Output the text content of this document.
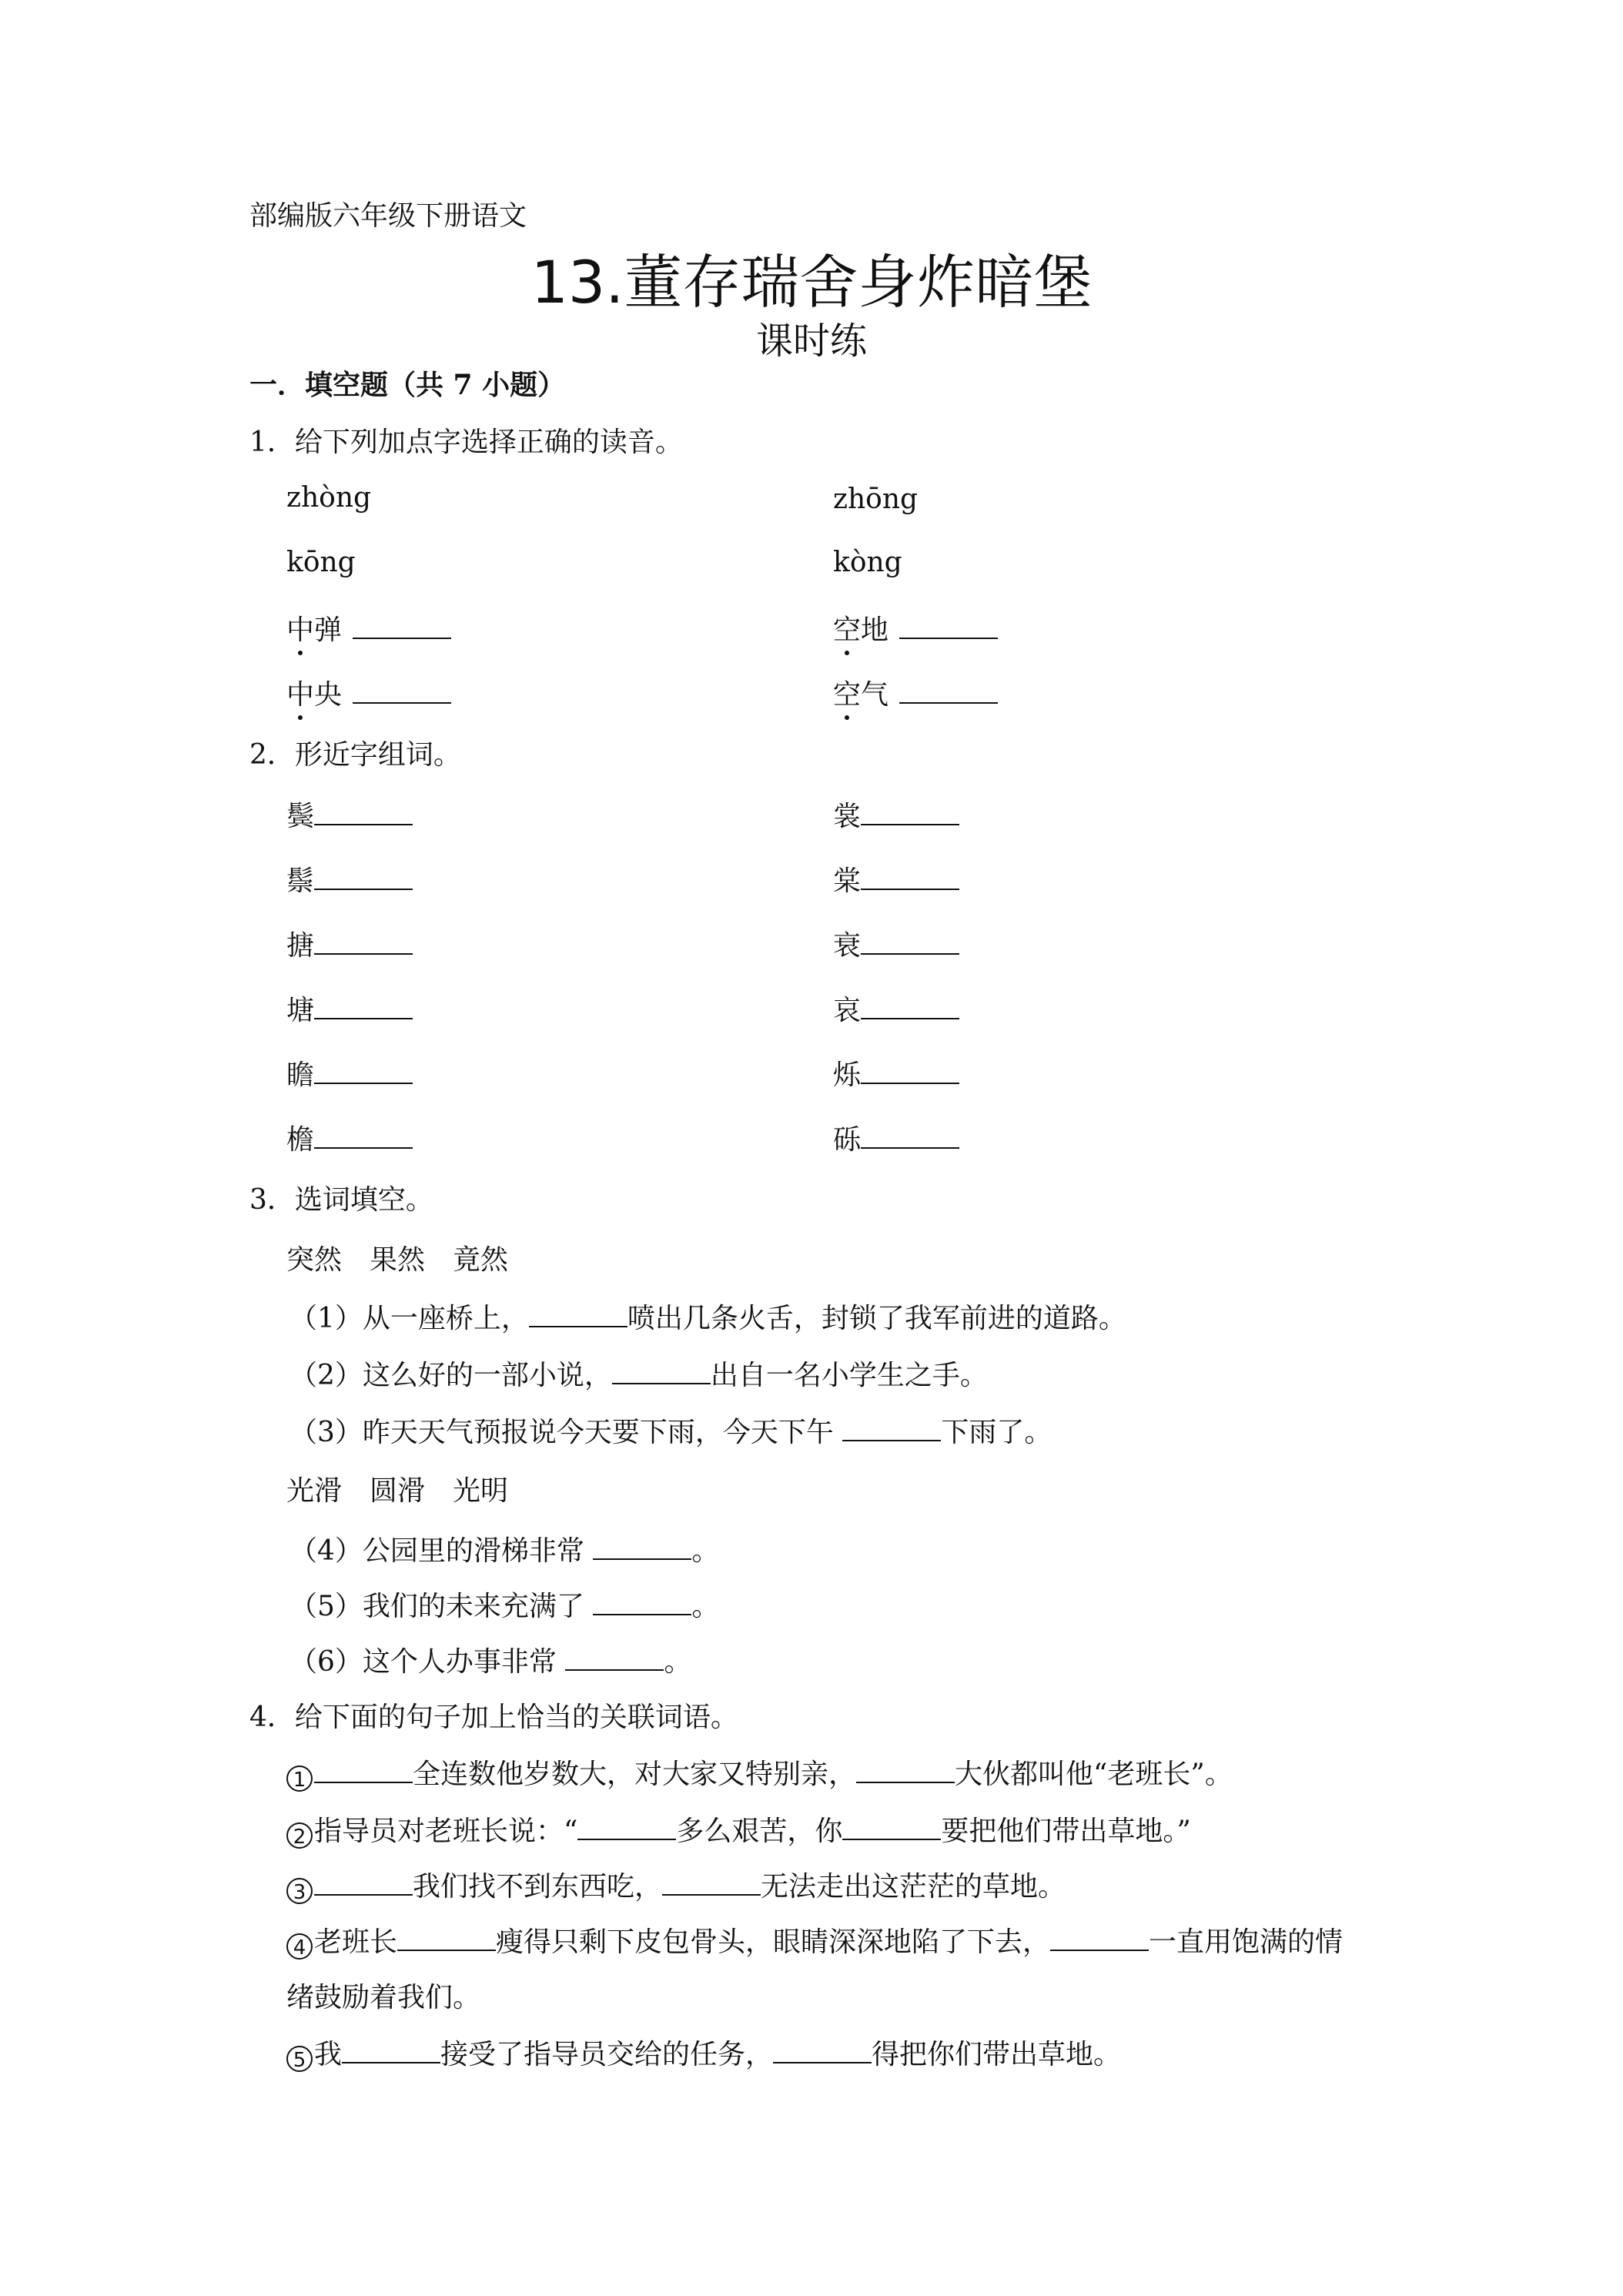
部编版六年级下册语文
13.董存瑞舍身炸暗堡
课时练
一．填空题（共 7 小题）
1．给下列加点字选择正确的读音。
zhòng	zhōng
kōng	kòng
中弹	空地
中央	空气
2．形近字组词。
鬓	裳
鬃	棠
搪	衰
塘	哀
瞻	烁
檐	砾
3．选词填空。
突然　果然　竟然
（1）从一座桥上，	喷出几条火舌，封锁了我军前进的道路。
（2）这么好的一部小说，	出自一名小学生之手。
（3）昨天天气预报说今天要下雨，今天下午	下雨了。
光滑　圆滑　光明
（4）公园里的滑梯非常	。
（5）我们的未来充满了	。
（6）这个人办事非常	。
4．给下面的句子加上恰当的关联词语。
1	全连数他岁数大，对大家又特别亲，	大伙都叫他“老班长”。
2 指导员对老班长说：“	多么艰苦，你	要把他们带出草地。”
3	我们找不到东西吃，	无法走出这茫茫的草地。
4 老班长	瘦得只剩下皮包骨头，眼睛深深地陷了下去，	一直用饱满的情
绪鼓励着我们。
5 我	接受了指导员交给的任务，	得把你们带出草地。
